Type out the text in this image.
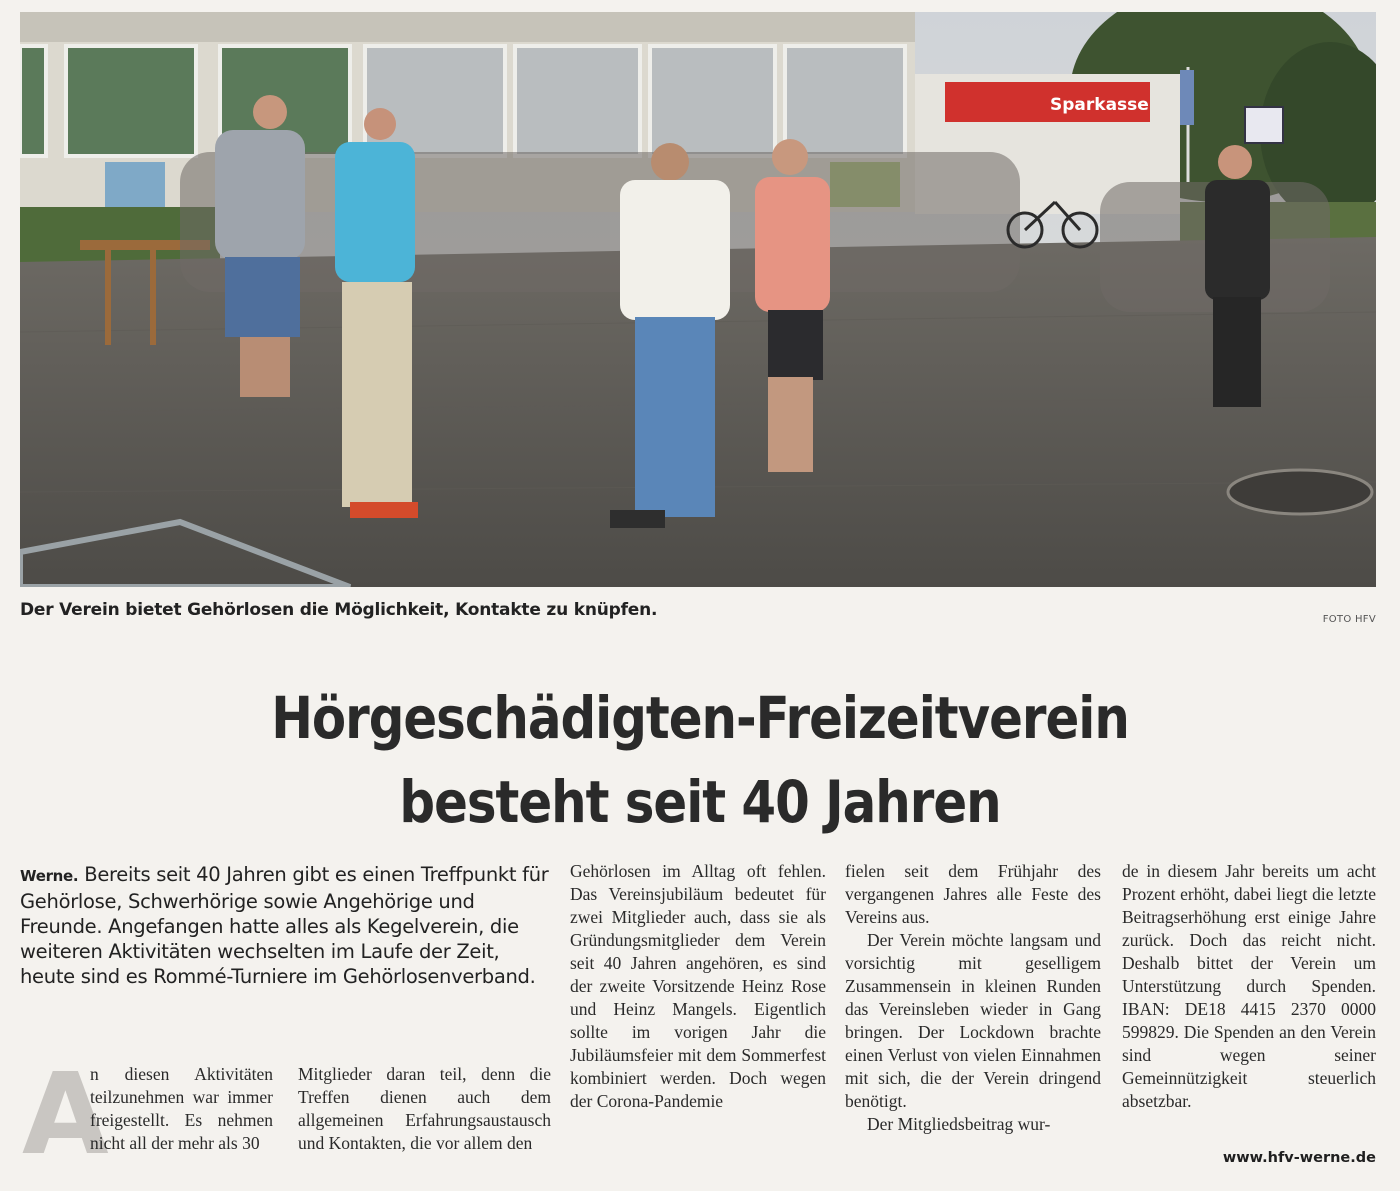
Sparkasse
Der Verein bietet Gehörlosen die Möglichkeit, Kontakte zu knüpfen.	FOTO HFV
Hörgeschädigten-Freizeitverein
besteht seit 40 Jahren
Werne. Bereits seit 40 Jahren gibt es einen Treffpunkt für Gehörlose, Schwerhörige sowie Angehörige und Freunde. Angefangen hatte alles als Kegelverein, die weiteren Aktivitäten wechselten im Laufe der Zeit, heute sind es Rommé-Turniere im Gehörlosenverband.
A
n diesen Aktivitäten teilzunehmen war immer freigestellt. Es nehmen nicht all der mehr als 30
Mitglieder daran teil, denn die Treffen dienen auch dem allgemeinen Erfahrungsaustausch und Kontakten, die vor allem den
Gehörlosen im Alltag oft fehlen. Das Vereinsjubiläum bedeutet für zwei Mitglieder auch, dass sie als Gründungsmitglieder dem Verein seit 40 Jahren angehören, es sind der zweite Vorsitzende Heinz Rose und Heinz Mangels. Eigentlich sollte im vorigen Jahr die Jubiläumsfeier mit dem Sommerfest kombiniert werden. Doch wegen der Corona-Pandemie
fielen seit dem Frühjahr des vergangenen Jahres alle Feste des Vereins aus.
Der Verein möchte langsam und vorsichtig mit geselligem Zusammensein in kleinen Runden das Vereinsleben wieder in Gang bringen. Der Lockdown brachte einen Verlust von vielen Einnahmen mit sich, die der Verein dringend benötigt.
Der Mitgliedsbeitrag wur-
de in diesem Jahr bereits um acht Prozent erhöht, dabei liegt die letzte Beitragserhöhung erst einige Jahre zurück. Doch das reicht nicht. Deshalb bittet der Verein um Unterstützung durch Spenden. IBAN: DE18 4415 2370 0000 599829. Die Spenden an den Verein sind wegen seiner Gemeinnützigkeit steuerlich absetzbar.
www.hfv-werne.de
